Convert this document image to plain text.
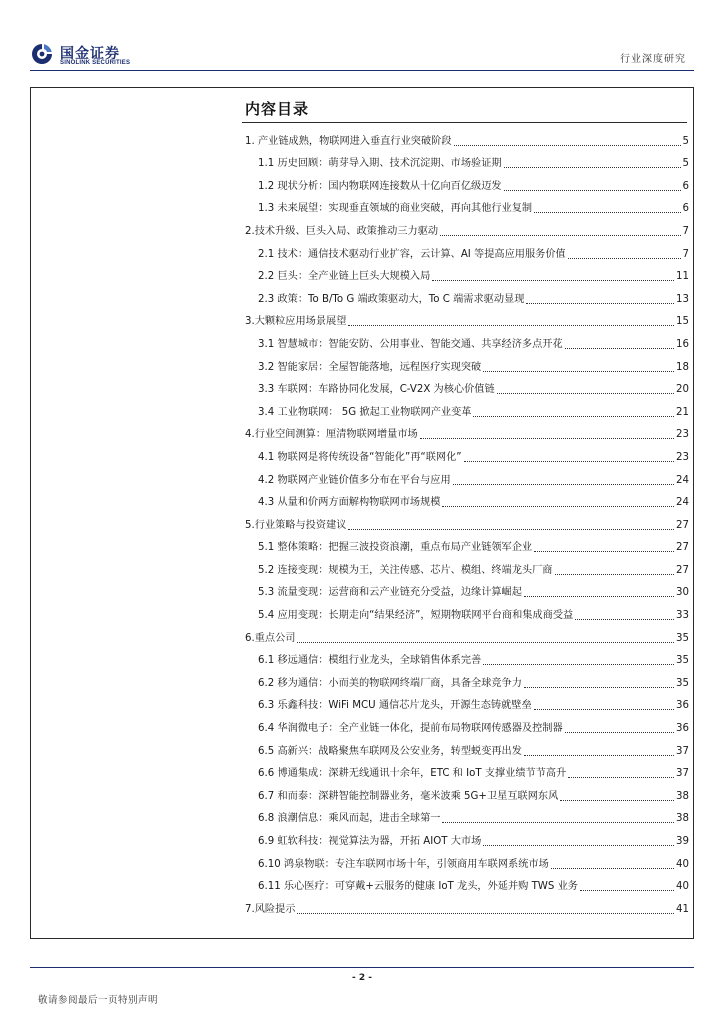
国金证券
SINOLINK SECURITIES	行业深度研究
内容目录
1. 产业链成熟，物联网进入垂直行业突破阶段	5
1.1 历史回顾：萌芽导入期、技术沉淀期、市场验证期	5
1.2 现状分析：国内物联网连接数从十亿向百亿级迈发	6
1.3 未来展望：实现垂直领域的商业突破，再向其他行业复制	6
2.技术升级、巨头入局、政策推动三力驱动	7
2.1 技术：通信技术驱动行业扩容，云计算、AI 等提高应用服务价值	7
2.2 巨头：全产业链上巨头大规模入局	11
2.3 政策：To B/To G 端政策驱动大，To C 端需求驱动显现	13
3.大颗粒应用场景展望	15
3.1 智慧城市：智能安防、公用事业、智能交通、共享经济多点开花	16
3.2 智能家居：全屋智能落地，远程医疗实现突破	18
3.3 车联网：车路协同化发展，C-V2X 为核心价值链	20
3.4 工业物联网： 5G 掀起工业物联网产业变革	21
4.行业空间测算：厘清物联网增量市场	23
4.1 物联网是将传统设备“智能化”再“联网化”	23
4.2 物联网产业链价值多分布在平台与应用	24
4.3 从量和价两方面解构物联网市场规模	24
5.行业策略与投资建议	27
5.1 整体策略：把握三波投资浪潮，重点布局产业链领军企业	27
5.2 连接变现：规模为王，关注传感、芯片、模组、终端龙头厂商	27
5.3 流量变现：运营商和云产业链充分受益，边缘计算崛起	30
5.4 应用变现：长期走向“结果经济”，短期物联网平台商和集成商受益	33
6.重点公司	35
6.1 移远通信：模组行业龙头，全球销售体系完善	35
6.2 移为通信：小而美的物联网终端厂商，具备全球竞争力	35
6.3 乐鑫科技：WiFi MCU 通信芯片龙头，开源生态铸就壁垒	36
6.4 华润微电子：全产业链一体化，提前布局物联网传感器及控制器	36
6.5 高新兴：战略聚焦车联网及公安业务，转型蜕变再出发	37
6.6 博通集成：深耕无线通讯十余年，ETC 和 IoT 支撑业绩节节高升	37
6.7 和而泰：深耕智能控制器业务，毫米波乘 5G+卫星互联网东风	38
6.8 浪潮信息：乘风而起，进击全球第一	38
6.9 虹软科技：视觉算法为器，开拓 AIOT 大市场	39
6.10 鸿泉物联：专注车联网市场十年，引领商用车联网系统市场	40
6.11 乐心医疗：可穿戴+云服务的健康 IoT 龙头，外延并购 TWS 业务	40
7.风险提示	41
- 2 -
敬请参阅最后一页特别声明
